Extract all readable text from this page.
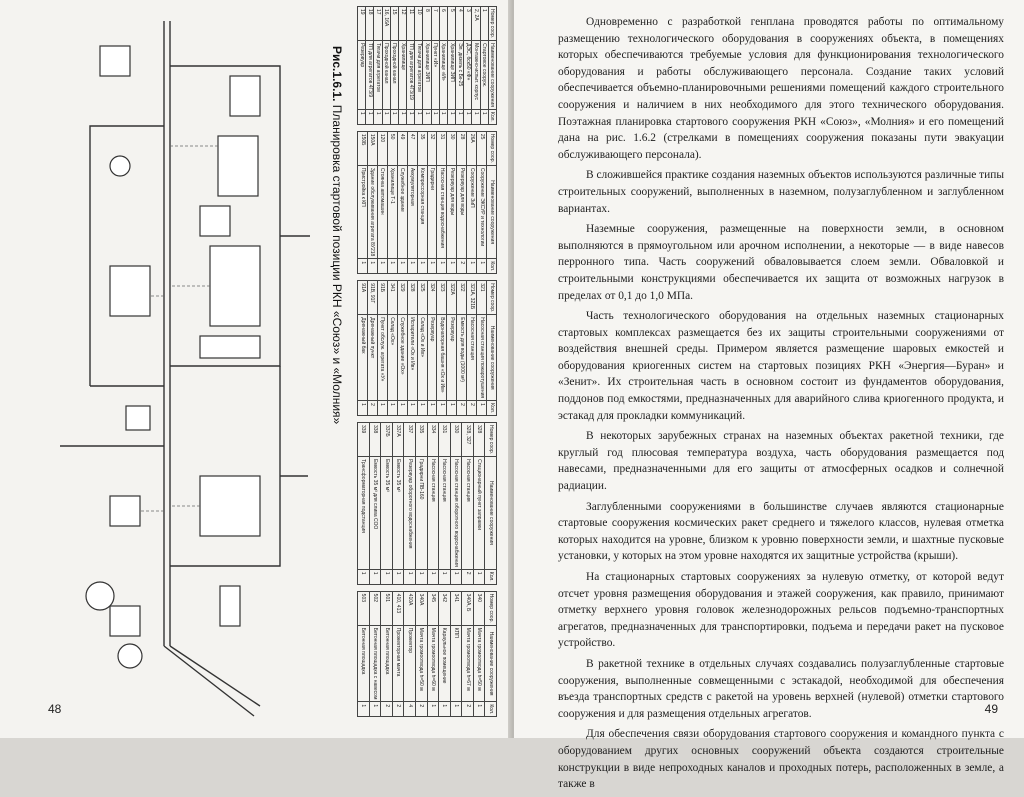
Номер соор.	Наименование сооружения	Кол.
1	Стартовое сооруж.	1
2, 2А	Монтажно-испыт. корпус	1
3	ДЭС, бск50 «Ф»	1
4	Эл. дизель с Бк-25	1
5	Хранилище ЗИП	1
6	Хранилище «И»	1
7	Пункт «И»	1
8	Хранилище ЗИП	1
10	Тягачи для агрегатов	1
11	ТП для агрегатов 4Г3/19	1
12	Хранилище	1
15	Проходной канал	1
16, 16А	Проходной канал	1
17	Тягачи для агрегатов	1
18	ТП для агрегатов 4Г3/9	1
19	Резервуар	1
Номер соор.	Наименование сооружения	Кол.
25	Сооружение ЭКСУР и технологии	1
26А	Сооружение ЗиП	1
28	Резервуар для воды	2
30	Резервуар для воды	1
31	Насосная станция водоснабжения	1
32	Градирни	1
35	Компрессорная станция	1
47	Аккумуляторная	1
49	Служебное здание	1
50	Хранилище Т-1	1
120	Стоянка автомашин	1
150А	Здание обслуживания агрегата 8У218	1
150Б	Пристройка к КП	1
Номер соор.	Наименование сооружения	Кол.
321	Насосная станция пожаротушения	1
321А, 321Б	Насосная станция	2
322	Емкость для воды (1000 м³)	2
322А	Резервуар	1
323	Водонапорная башня «Ох и Ив»	1
324	Резервуар	1
325	Склад «Ох и Ив»	1
328	Испарители «Ох и Ив»	1
329	Служебное здание «Ох»	1
341	Склад «Ох»	1
91Б	Пункт обслуж. агрегата «У»	1
91В, 91Г	Дренажный пункт	2
91А	Дренажный бак	1
Номер соор.	Наименование сооружения	Кол.
328	Стационарный пункт заправки	1
328, 327	Насосная станция	2
330	Насосная станция оборотного водоснабжения	1
331	Насосная станция	1
334	Насосная станция	1
335	Градирни ПВ-160	1
337	Резервуар оборотного водоснабжения	1
337А	Емкость 35 м³	1
337Б	Емкость 35 м³	1
338	Емкость 35 м³ для слива СОО	1
339	Трансформаторная подстанция	1
Номер соор.	Наименование сооружения	Кол.
340	Мачта громоотвода h=50 м	1
340А, Б	Мачта громоотвода h=67 м	2
341	КПП	1
342	Караульное помещение	1
345	Мачта громоотвода h=60 м	1
340А	Мачта громоотвода h=50 м	2
410А	Прожектор	4
410, 413	Прожекторная мачта	2
501	Бетонная площадка	2
502	Бетонная площадка с навесом	1
503	Бетонная площадка	1
Рис.1.6.1. Планировка стартовой позиции РКН «Союз» и «Молния»
48

Одновременно с разработкой генплана проводятся работы по оптимальному размещению технологического оборудования в сооружениях объекта, в помещениях которых обеспечиваются требуемые условия для функционирования технологического оборудования и работы обслуживающего персонала. Создание таких условий обеспечивается объемно-планировочными решениями помещений каждого строительного сооружения и наличием в них необходимого для этого технического оборудования. Поэтажная планировка стартового сооружения РКН «Союз», «Молния» и его помещений дана на рис. 1.6.2 (стрелками в помещениях сооружения показаны пути эвакуации обслуживающего персонала).

В сложившейся практике создания наземных объектов используются различные типы строительных сооружений, выполненных в наземном, полузаглубленном и заглубленном вариантах.

Наземные сооружения, размещенные на поверхности земли, в основном выполняются в прямоугольном или арочном исполнении, а некоторые — в виде навесов перронного типа. Часть сооружений обваловывается слоем земли. Обваловкой и строительными конструкциями обеспечивается их защита от возможных нагрузок в пределах от 0,1 до 1,0 МПа.

Часть технологического оборудования на отдельных наземных стационарных стартовых комплексах размещается без их защиты строительными сооружениями от воздействия внешней среды. Примером является размещение шаровых емкостей и оборудования криогенных систем на стартовых позициях РКН «Энергия—Буран» и «Зенит». Их строительная часть в основном состоит из фундаментов оборудования, поддонов под емкостями, предназначенных для аварийного слива криогенного продукта, и эстакад для прокладки коммуникаций.

В некоторых зарубежных странах на наземных объектах ракетной техники, где круглый год плюсовая температура воздуха, часть оборудования размещается под навесами, предназначенными для его защиты от атмосферных осадков и солнечной радиации.

Заглубленными сооружениями в большинстве случаев являются стационарные стартовые сооружения космических ракет среднего и тяжелого классов, нулевая отметка которых находится на уровне, близком к уровню поверхности земли, и шахтные пусковые установки, у которых на этом уровне находятся их защитные устройства (крыши).

На стационарных стартовых сооружениях за нулевую отметку, от которой ведут отсчет уровня размещения оборудования и этажей сооружения, как правило, принимают отметку верхнего уровня головок железнодорожных рельсов подъемно-транспортных агрегатов, предназначенных для транспортировки, подъема и передачи ракет на пусковое устройство.

В ракетной технике в отдельных случаях создавались полузаглубленные стартовые сооружения, выполненные совмещенными с эстакадой, необходимой для обеспечения въезда транспортных средств с ракетой на уровень верхней (нулевой) отметки стартового сооружения и для размещения отдельных агрегатов.

Для обеспечения связи оборудования стартового сооружения и командного пункта с оборудованием других основных сооружений объекта создаются строительные конструкции в виде непроходных каналов и проходных потерь, расположенных в земле, а также в

49
